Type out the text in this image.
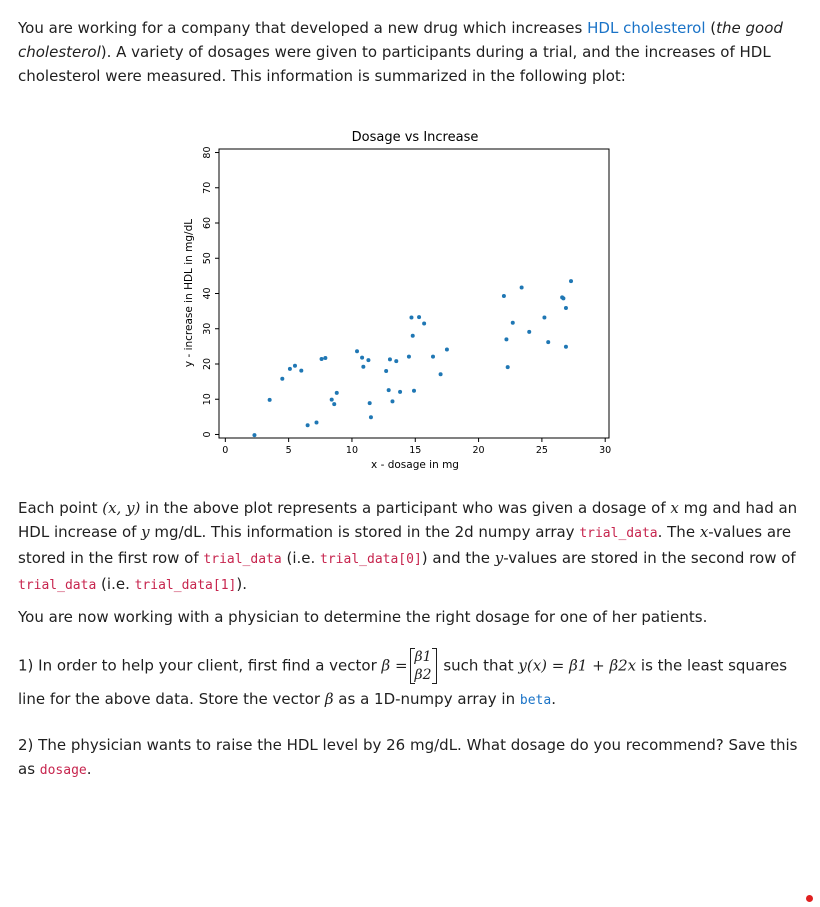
You are working for a company that developed a new drug which increases HDL cholesterol (the good cholesterol). A variety of dosages were given to participants during a trial, and the increases of HDL cholesterol were measured. This information is summarized in the following plot:

Dosage vs Increase
0	5	10	15	20	25	30
0
10
20
30
40
50
60
70
80
x - dosage in mg
y - increase in HDL in mg/dL

Each point (x, y) in the above plot represents a participant who was given a dosage of x mg and had an HDL increase of y mg/dL. This information is stored in the 2d numpy array trial_data. The x-values are stored in the first row of trial_data (i.e. trial_data[0]) and the y-values are stored in the second row of trial_data (i.e. trial_data[1]).

You are now working with a physician to determine the right dosage for one of her patients.

1) In order to help your client, first find a vector β = β1
β2
such that y(x) = β1 + β2x is the least squares line for the above data. Store the vector β as a 1D-numpy array in beta.

2) The physician wants to raise the HDL level by 26 mg/dL. What dosage do you recommend? Save this as dosage.
